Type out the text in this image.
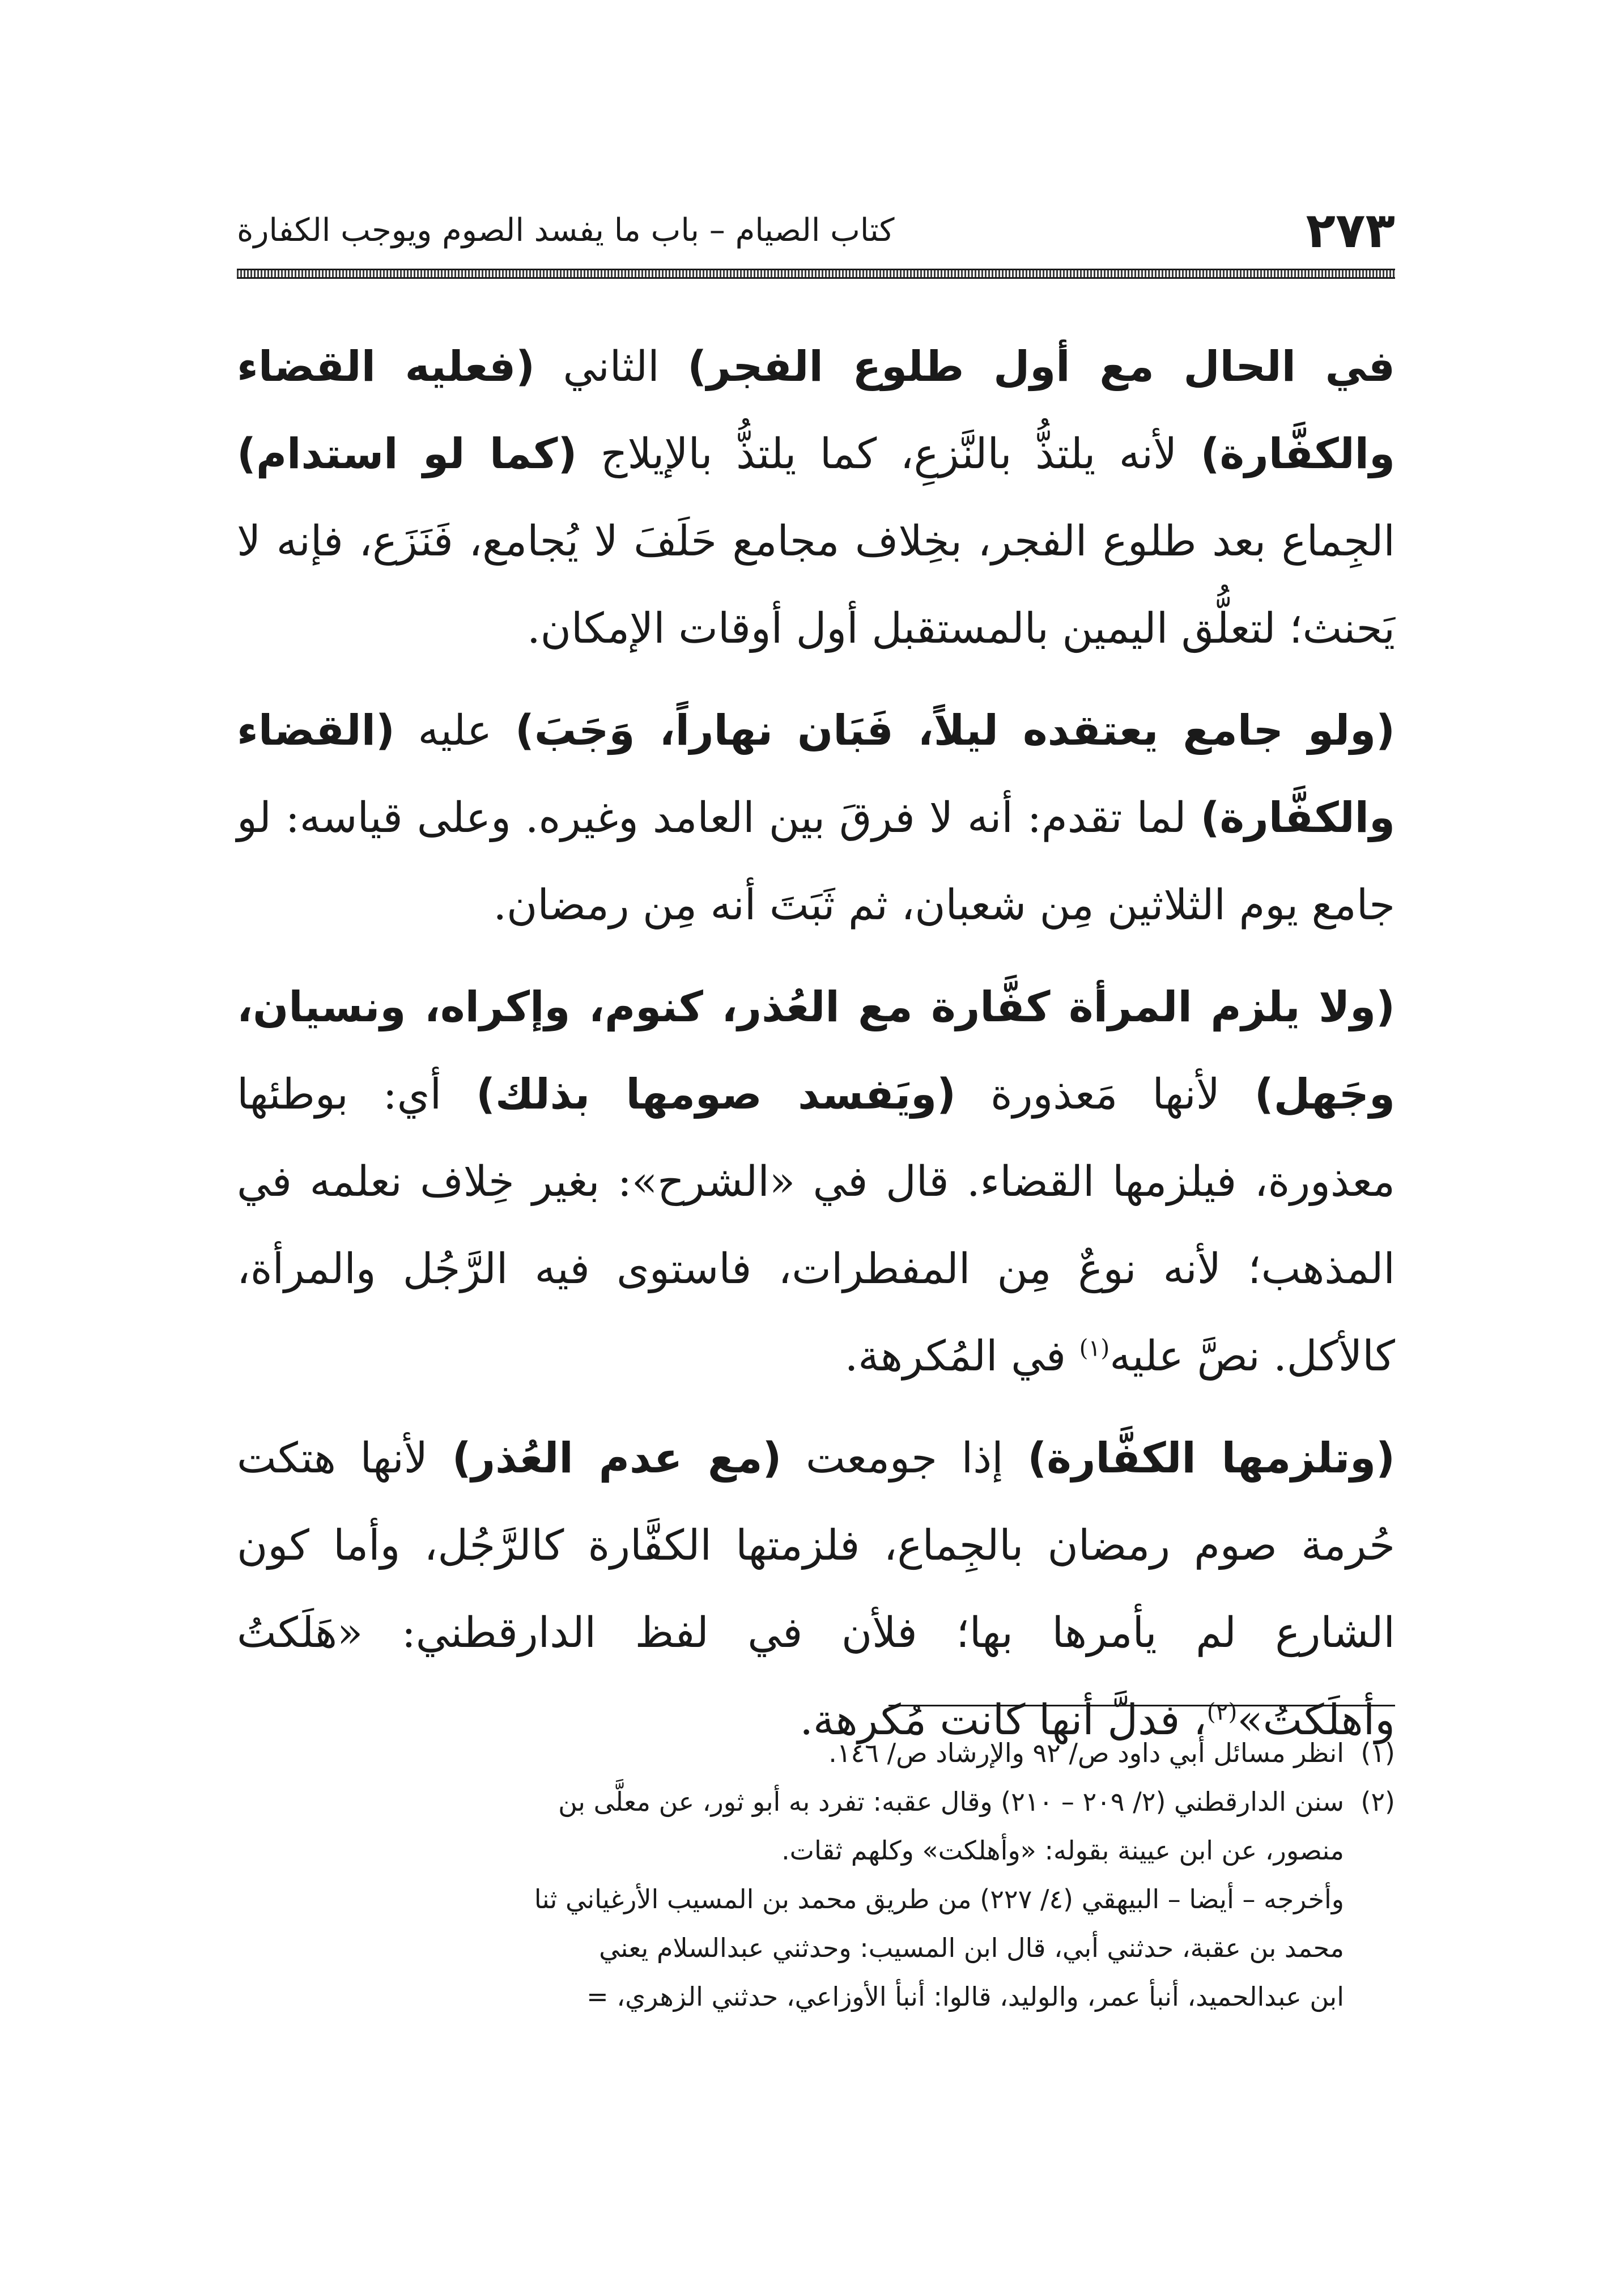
٢٧٣
كتاب الصيام – باب ما يفسد الصوم ويوجب الكفارة

في الحال مع أول طلوع الفجر) الثاني (فعليه القضاء والكفَّارة) لأنه يلتذُّ بالنَّزعِ، كما يلتذُّ بالإيلاج (كما لو استدام) الجِماع بعد طلوع الفجر، بخِلاف مجامع حَلَفَ لا يُجامع، فَنَزَع، فإنه لا يَحنث؛ لتعلُّق اليمين بالمستقبل أول أوقات الإمكان.

(ولو جامع يعتقده ليلاً، فَبَان نهاراً، وَجَبَ) عليه (القضاء والكفَّارة) لما تقدم: أنه لا فرقَ بين العامد وغيره. وعلى قياسه: لو جامع يوم الثلاثين مِن شعبان، ثم ثَبَتَ أنه مِن رمضان.

(ولا يلزم المرأة كفَّارة مع العُذر، كنوم، وإكراه، ونسيان، وجَهل) لأنها مَعذورة (ويَفسد صومها بذلك) أي: بوطئها معذورة، فيلزمها القضاء. قال في «الشرح»: بغير خِلاف نعلمه في المذهب؛ لأنه نوعٌ مِن المفطرات، فاستوى فيه الرَّجُل والمرأة، كالأكل. نصَّ عليه$^{(١)}$ في المُكرهة.

(وتلزمها الكفَّارة) إذا جومعت (مع عدم العُذر) لأنها هتكت حُرمة صوم رمضان بالجِماع، فلزمتها الكفَّارة كالرَّجُل، وأما كون الشارع لم يأمرها بها؛ فلأن في لفظ الدارقطني: «هَلَكتُ وأهلَكتُ»$^{(٢)}$، فدلَّ أنها كانت مُكرهة.

(١)
انظر مسائل أبي داود ص/ ٩٢ والإرشاد ص/ ١٤٦.
(٢)
سنن الدارقطني (٢/ ٢٠٩ – ٢١٠) وقال عقبه: تفرد به أبو ثور، عن معلَّى بن
منصور، عن ابن عيينة بقوله: «وأهلكت» وكلهم ثقات.
وأخرجه – أيضا – البيهقي (٤/ ٢٢٧) من طريق محمد بن المسيب الأرغياني ثنا
محمد بن عقبة، حدثني أبي، قال ابن المسيب: وحدثني عبدالسلام يعني
ابن عبدالحميد، أنبأ عمر، والوليد، قالوا: أنبأ الأوزاعي، حدثني الزهري، =
